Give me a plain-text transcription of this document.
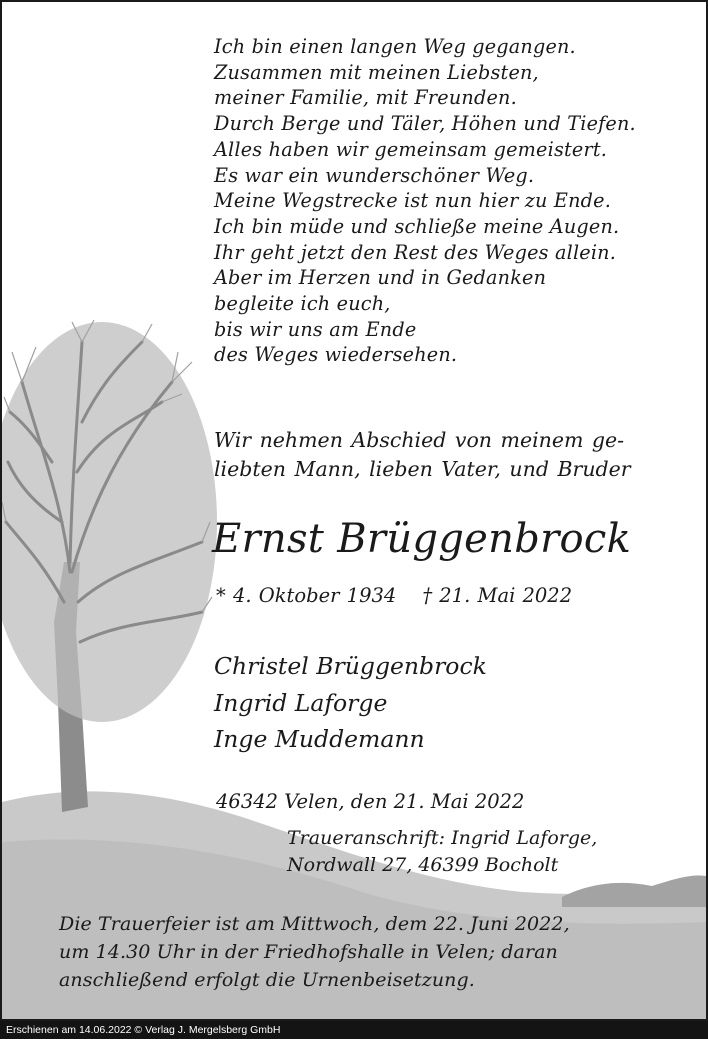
Ich bin einen langen Weg gegangen.
Zusammen mit meinen Liebsten,
meiner Familie, mit Freunden.
Durch Berge und Täler, Höhen und Tiefen.
Alles haben wir gemeinsam gemeistert.
Es war ein wunderschöner Weg.
Meine Wegstrecke ist nun hier zu Ende.
Ich bin müde und schließe meine Augen.
Ihr geht jetzt den Rest des Weges allein.
Aber im Herzen und in Gedanken
begleite ich euch,
bis wir uns am Ende
des Weges wiedersehen.
Wir nehmen Abschied von meinem ge-
liebten Mann, lieben Vater, und Bruder
Ernst Brüggenbrock
* 4. Oktober 1934 † 21. Mai 2022
Christel Brüggenbrock
Ingrid Laforge
Inge Muddemann
46342 Velen, den 21. Mai 2022
Traueranschrift: Ingrid Laforge,
Nordwall 27, 46399 Bocholt
Die Trauerfeier ist am Mittwoch, dem 22. Juni 2022,
um 14.30 Uhr in der Friedhofshalle in Velen; daran
anschließend erfolgt die Urnenbeisetzung.
Erschienen am 14.06.2022 © Verlag J. Mergelsberg GmbH
